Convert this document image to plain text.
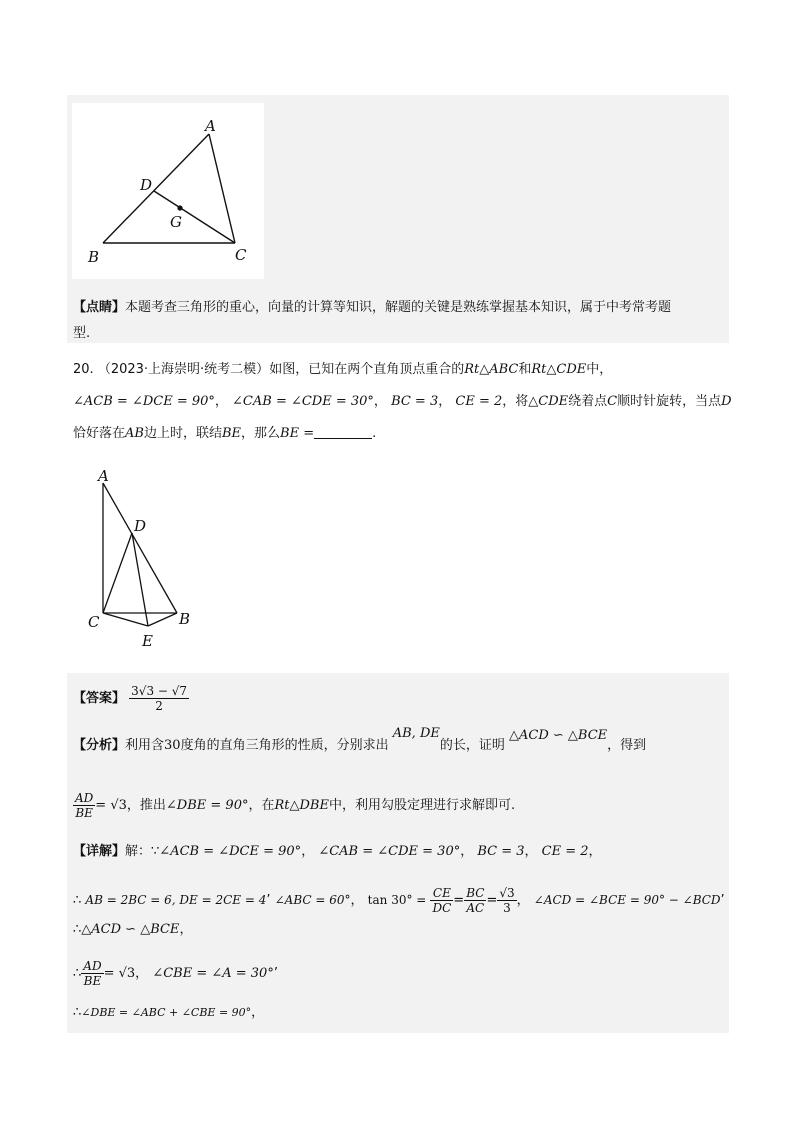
A
D
G
B	C
【点睛】本题考查三角形的重心，向量的计算等知识，解题的关键是熟练掌握基本知识，属于中考常考题
型.
20. （2023·上海崇明·统考二模）如图，已知在两个直角顶点重合的Rt△ABC和Rt△CDE中，
∠ACB = ∠DCE = 90°， ∠CAB = ∠CDE = 30°， BC = 3， CE = 2，将△CDE绕着点C顺时针旋转，当点D
恰好落在AB边上时，联结BE，那么BE =	.
A
D
C
E
B
【答案】 $\frac{3√3 - √7}{2}$
【分析】利用含30度角的直角三角形的性质，分别求出 AB, DE的长，证明 △ACD ∽ △BCE，得到
$\frac{AD}{BE} = √3$，推出∠DBE = 90°，在Rt△DBE中，利用勾股定理进行求解即可.
【详解】解：∵∠ACB = ∠DCE = 90°， ∠CAB = ∠CDE = 30°， BC = 3， CE = 2，
∴ AB = 2BC = 6, DE = 2CE = 4’ ∠ABC = 60°， $\tan 30^\circ = \frac{CE}{DC} = \frac{BC}{AC} = \frac{√3}{3}$ ， ∠ACD = ∠BCE = 90° − ∠BCD’
∴△ACD ∽ △BCE，
∴ $\frac{AD}{BE} = √3$， ∠CBE = ∠A = 30°’
∴∠DBE = ∠ABC + ∠CBE = 90°，
